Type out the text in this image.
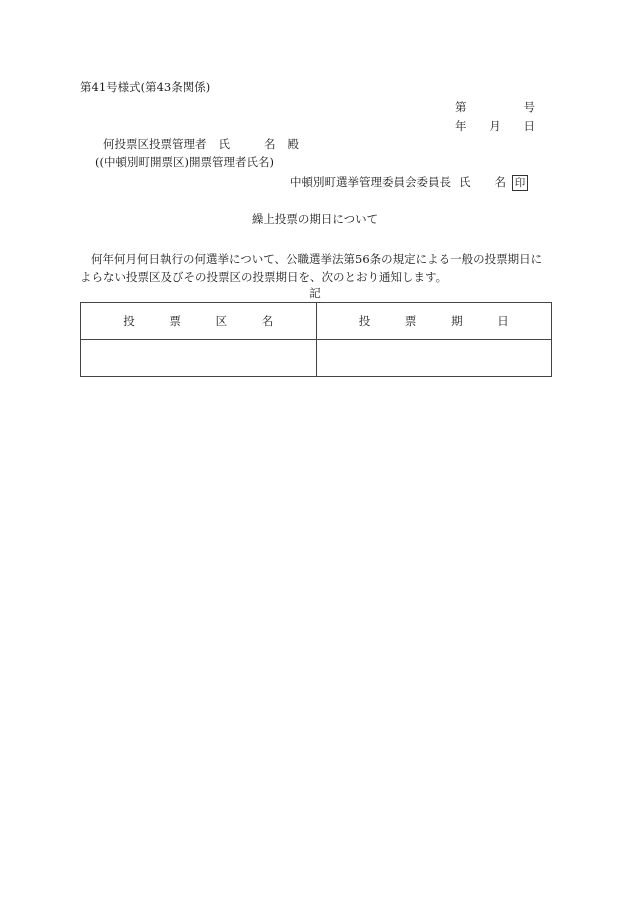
第41号様式(第43条関係)
第	号
年 月 日
何投票区投票管理者 氏	名 殿
((中頓別町開票区)開票管理者氏名)
中頓別町選挙管理委員会委員長 氏 名 印
繰上投票の期日について

何年何月何日執行の何選挙について、公職選挙法第56条の規定による一般の投票期日に

よらない投票区及びその投票区の投票期日を、次のとおり通知します。

記
投 票 区 名	投 票 期 日
